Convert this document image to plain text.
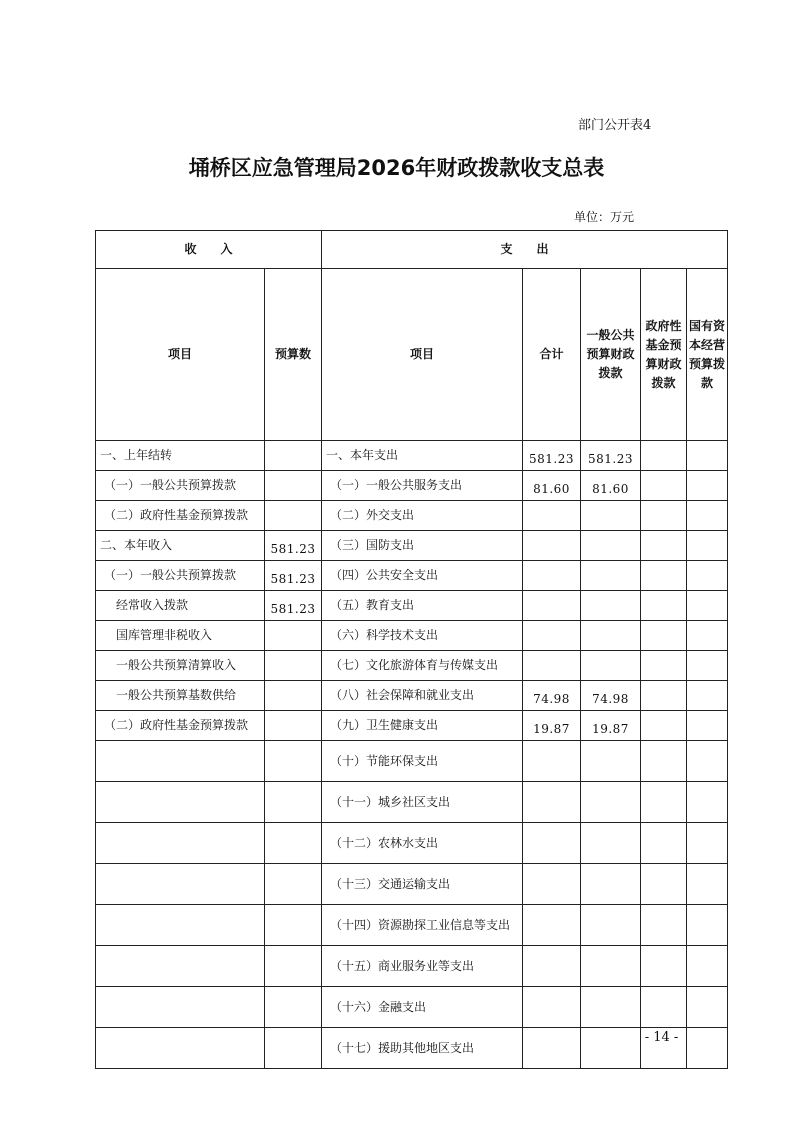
部门公开表4
埇桥区应急管理局2026年财政拨款收支总表
单位：万元
收　　入		支　　出				
项目	预算数	项目	合计	一般公共预算财政拨款	政府性基金预算财政拨款	国有资本经营预算拨款
一、上年结转		一、本年支出	581.23	581.23		
（一）一般公共预算拨款		（一）一般公共服务支出	81.60	81.60		
（二）政府性基金预算拨款		（二）外交支出				
二、本年收入	581.23	（三）国防支出				
（一）一般公共预算拨款	581.23	（四）公共安全支出				
经常收入拨款	581.23	（五）教育支出				
国库管理非税收入		（六）科学技术支出				
一般公共预算清算收入		（七）文化旅游体育与传媒支出				
一般公共预算基数供给		（八）社会保障和就业支出	74.98	74.98		
（二）政府性基金预算拨款		（九）卫生健康支出	19.87	19.87		
		（十）节能环保支出				
		（十一）城乡社区支出				
		（十二）农林水支出				
		（十三）交通运输支出				
		（十四）资源勘探工业信息等支出				
		（十五）商业服务业等支出				
		（十六）金融支出				
		（十七）援助其他地区支出				
- 14 -
